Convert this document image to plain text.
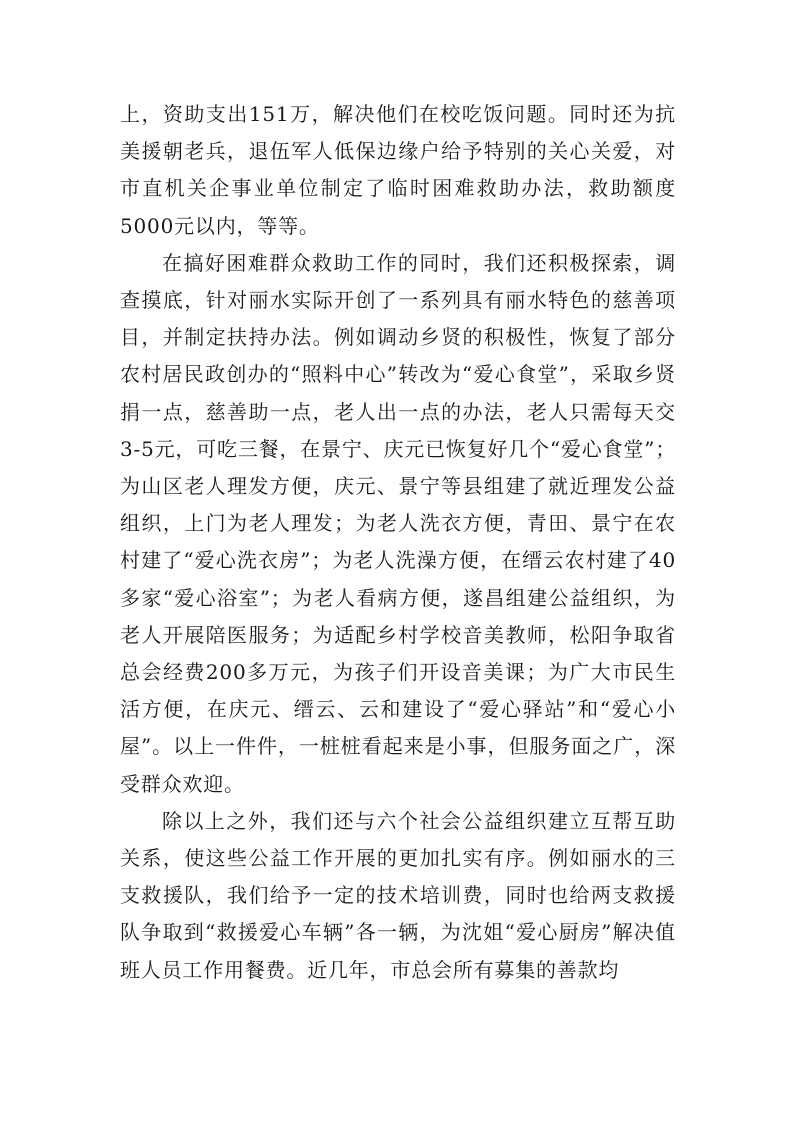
上，资助支出151万，解决他们在校吃饭问题。同时还为抗美援朝老兵，退伍军人低保边缘户给予特别的关心关爱，对市直机关企事业单位制定了临时困难救助办法，救助额度5000元以内，等等。

在搞好困难群众救助工作的同时，我们还积极探索，调查摸底，针对丽水实际开创了一系列具有丽水特色的慈善项目，并制定扶持办法。例如调动乡贤的积极性，恢复了部分农村居民政创办的“照料中心”转改为“爱心食堂”，采取乡贤捐一点，慈善助一点，老人出一点的办法，老人只需每天交3-5元，可吃三餐，在景宁、庆元已恢复好几个“爱心食堂”；为山区老人理发方便，庆元、景宁等县组建了就近理发公益组织，上门为老人理发；为老人洗衣方便，青田、景宁在农村建了“爱心洗衣房”；为老人洗澡方便，在缙云农村建了40多家“爱心浴室”；为老人看病方便，遂昌组建公益组织，为老人开展陪医服务；为适配乡村学校音美教师，松阳争取省总会经费200多万元，为孩子们开设音美课；为广大市民生活方便，在庆元、缙云、云和建设了“爱心驿站”和“爱心小屋”。以上一件件，一桩桩看起来是小事，但服务面之广，深受群众欢迎。

除以上之外，我们还与六个社会公益组织建立互帮互助关系，使这些公益工作开展的更加扎实有序。例如丽水的三支救援队，我们给予一定的技术培训费，同时也给两支救援队争取到“救援爱心车辆”各一辆，为沈姐“爱心厨房”解决值班人员工作用餐费。近几年，市总会所有募集的善款均
